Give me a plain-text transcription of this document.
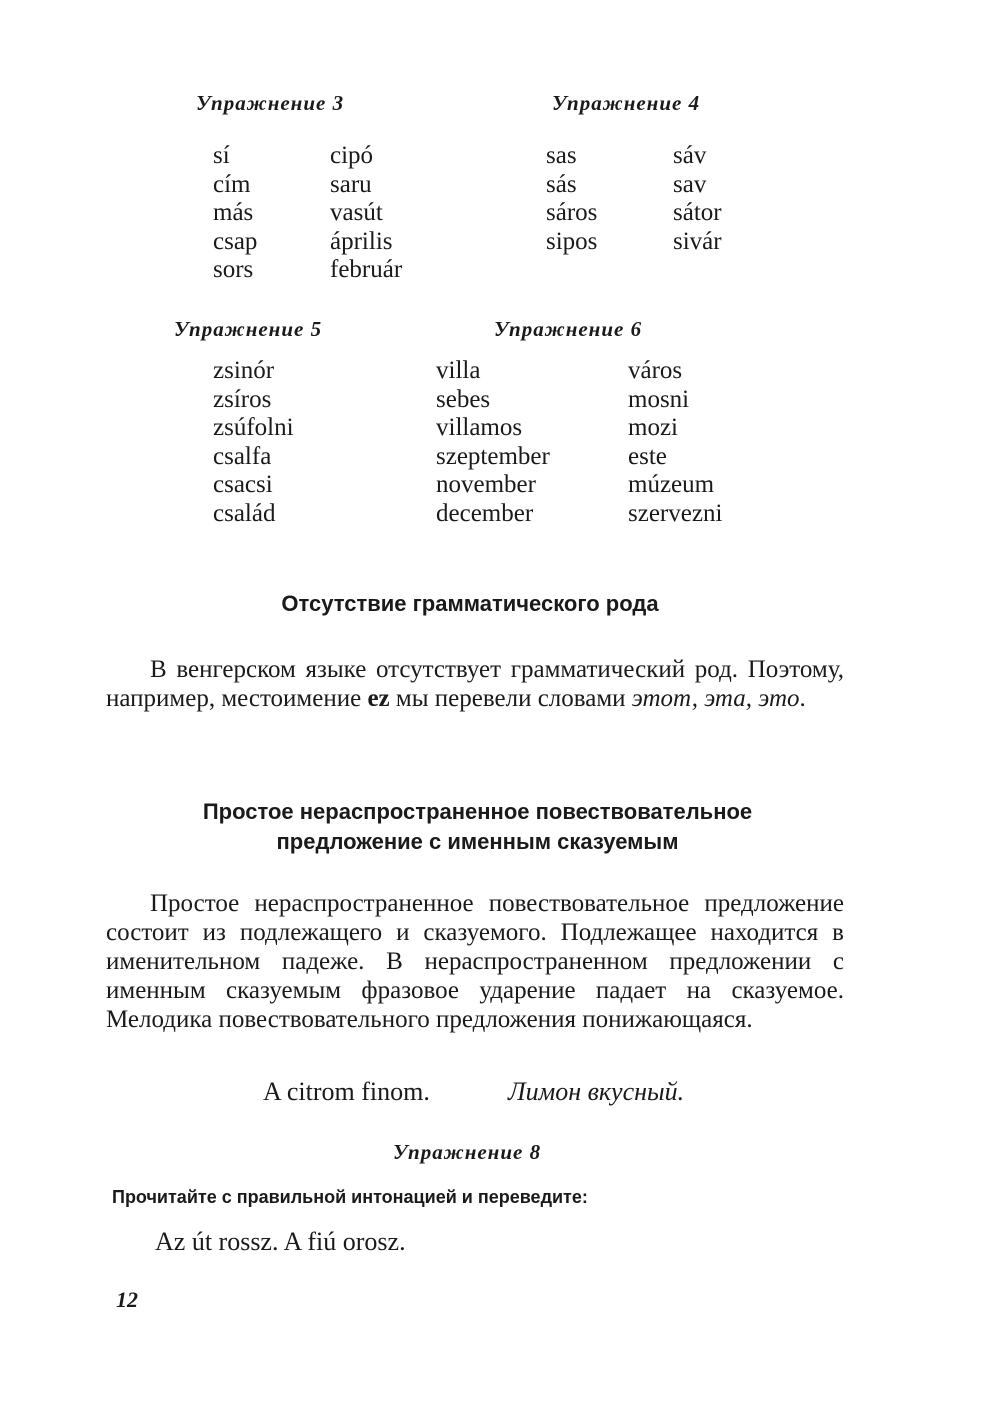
Упражнение 3
sí
cím
más
csap
sors
cipó
saru
vasút
április
február
Упражнение 4
sas
sás
sáros
sipos
sáv
sav
sátor
sivár
Упражнение 5
zsinór
zsíros
zsúfolni
csalfa
csacsi
család
Упражнение 6
villa
sebes
villamos
szeptember
november
december
város
mosni
mozi
este
múzeum
szervezni
Отсутствие грамматического рода

В венгерском языке отсутствует грамматический род. Поэтому, например, местоимение ez мы перевели словами этот, эта, это.

Простое нераспространенное повествовательное
предложение с именным сказуемым

Простое нераспространенное повествовательное предложение состоит из подлежащего и сказуемого. Подлежащее находится в именительном падеже. В нераспространенном предложении с именным сказуемым фразовое ударение падает на сказуемое. Мелодика повествовательного предложения понижающаяся.

A citrom finom.	Лимон вкусный.
Упражнение 8
Прочитайте с правильной интонацией и переведите:
Az út rossz. A fiú orosz.
12
